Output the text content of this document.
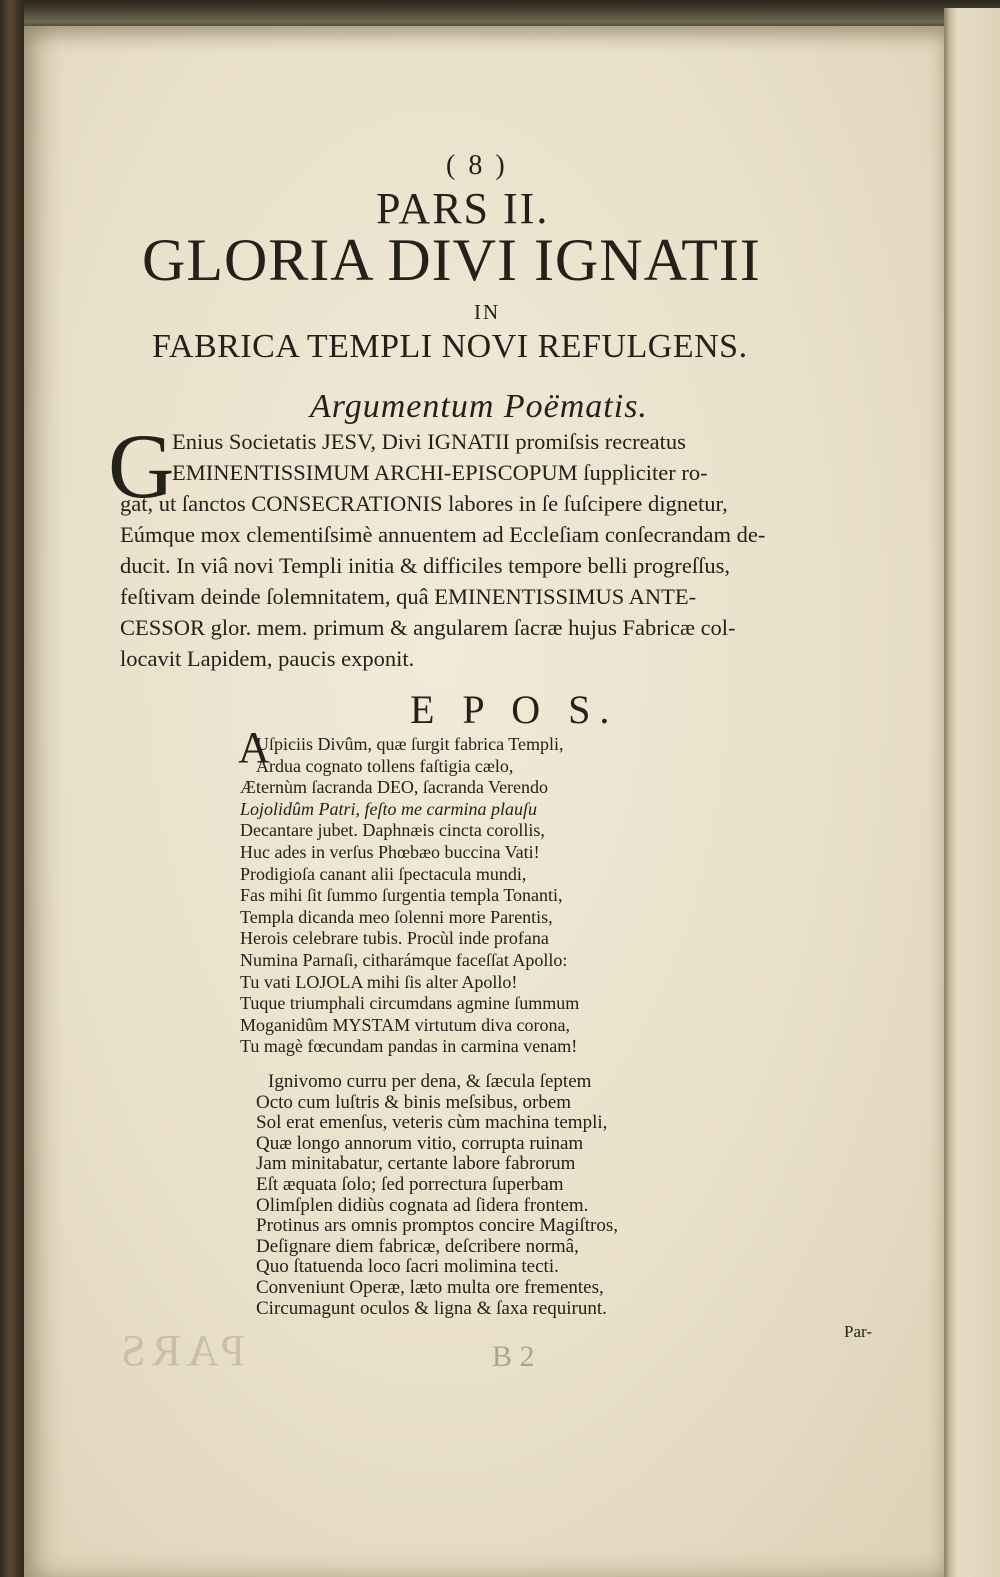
PARS
( 8 )
PARS II.
GLORIA DIVI IGNATII
IN
FABRICA TEMPLI NOVI REFULGENS.
Argumentum Poëmatis.
G
Enius Societatis JESV, Divi IGNATII promiſsis recreatus
EMINENTISSIMUM ARCHI-EPISCOPUM ſuppliciter ro-
gat, ut ſanctos CONSECRATIONIS labores in ſe ſuſcipere dignetur,
Eúmque mox clementiſsimè annuentem ad Eccleſiam conſecrandam de-
ducit. In viâ novi Templi initia & difficiles tempore belli progreſſus,
feſtivam deinde ſolemnitatem, quâ EMINENTISSIMUS ANTE-
CESSOR glor. mem. primum & angularem ſacræ hujus Fabricæ col-
locavit Lapidem, paucis exponit.
E P O S.
A
Uſpiciis Divûm, quæ ſurgit fabrica Templi,
Ardua cognato tollens faſtigia cælo,
Æternùm ſacranda DEO, ſacranda Verendo
Lojolidûm Patri, feſto me carmina plauſu
Decantare jubet. Daphnæis cincta corollis,
Huc ades in verſus Phœbæo buccina Vati!
Prodigioſa canant alii ſpectacula mundi,
Fas mihi ſit ſummo ſurgentia templa Tonanti,
Templa dicanda meo ſolenni more Parentis,
Herois celebrare tubis. Procùl inde profana
Numina Parnaſi, citharámque faceſſat Apollo:
Tu vati LOJOLA mihi ſis alter Apollo!
Tuque triumphali circumdans agmine ſummum
Moganidûm MYSTAM virtutum diva corona,
Tu magè fœcundam pandas in carmina venam!
Ignivomo curru per dena, & ſæcula ſeptem
Octo cum luſtris & binis meſsibus, orbem
Sol erat emenſus, veteris cùm machina templi,
Quæ longo annorum vitio, corrupta ruinam
Jam minitabatur, certante labore fabrorum
Eſt æquata ſolo; ſed porrectura ſuperbam
Olimſplen didiùs cognata ad ſidera frontem.
Protinus ars omnis promptos concire Magiſtros,
Deſignare diem fabricæ, deſcribere normâ,
Quo ſtatuenda loco ſacri molimina tecti.
Conveniunt Operæ, læto multa ore frementes,
Circumagunt oculos & ligna & ſaxa requirunt.
Par-
B 2
